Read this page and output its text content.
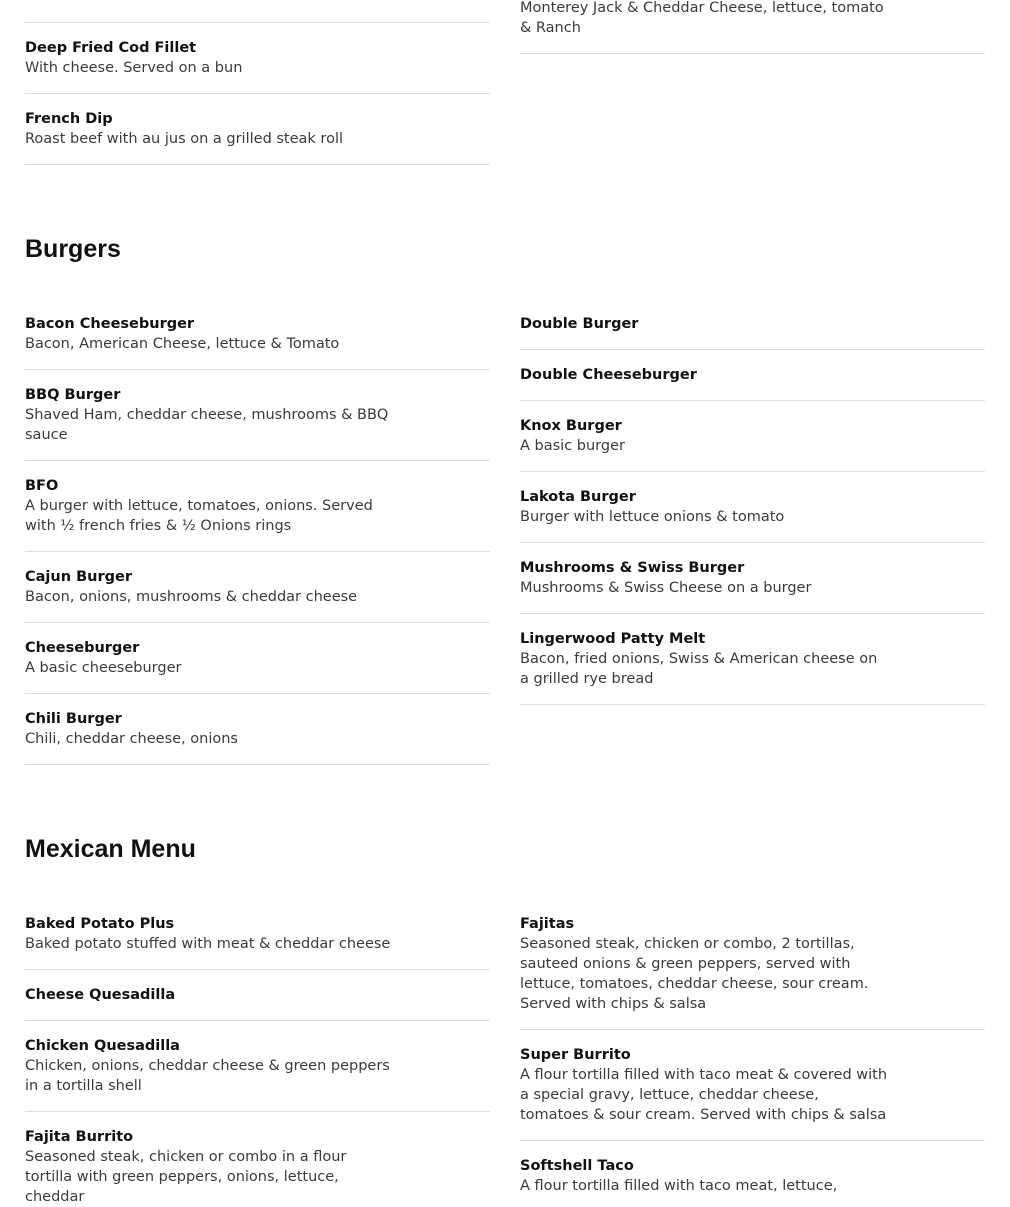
Deep Fried Cod Fillet
With cheese. Served on a bun
French Dip
Roast beef with au jus on a grilled steak roll
Monterey Jack & Cheddar Cheese, lettuce, tomato & Ranch
Burgers
Bacon Cheeseburger
Bacon, American Cheese, lettuce & Tomato
BBQ Burger
Shaved Ham, cheddar cheese, mushrooms & BBQ sauce
BFO
A burger with lettuce, tomatoes, onions. Served with ½ french fries & ½ Onions rings
Cajun Burger
Bacon, onions, mushrooms & cheddar cheese
Cheeseburger
A basic cheeseburger
Chili Burger
Chili, cheddar cheese, onions
Double Burger
Double Cheeseburger
Knox Burger
A basic burger
Lakota Burger
Burger with lettuce onions & tomato
Mushrooms & Swiss Burger
Mushrooms & Swiss Cheese on a burger
Lingerwood Patty Melt
Bacon, fried onions, Swiss & American cheese on a grilled rye bread
Mexican Menu
Baked Potato Plus
Baked potato stuffed with meat & cheddar cheese
Cheese Quesadilla
Chicken Quesadilla
Chicken, onions, cheddar cheese & green peppers in a tortilla shell
Fajita Burrito
Seasoned steak, chicken or combo in a flour tortilla with green peppers, onions, lettuce, cheddar
Fajitas
Seasoned steak, chicken or combo, 2 tortillas, sauteed onions & green peppers, served with lettuce, tomatoes, cheddar cheese, sour cream. Served with chips & salsa
Super Burrito
A flour tortilla filled with taco meat & covered with a special gravy, lettuce, cheddar cheese, tomatoes & sour cream. Served with chips & salsa
Softshell Taco
A flour tortilla filled with taco meat, lettuce,
